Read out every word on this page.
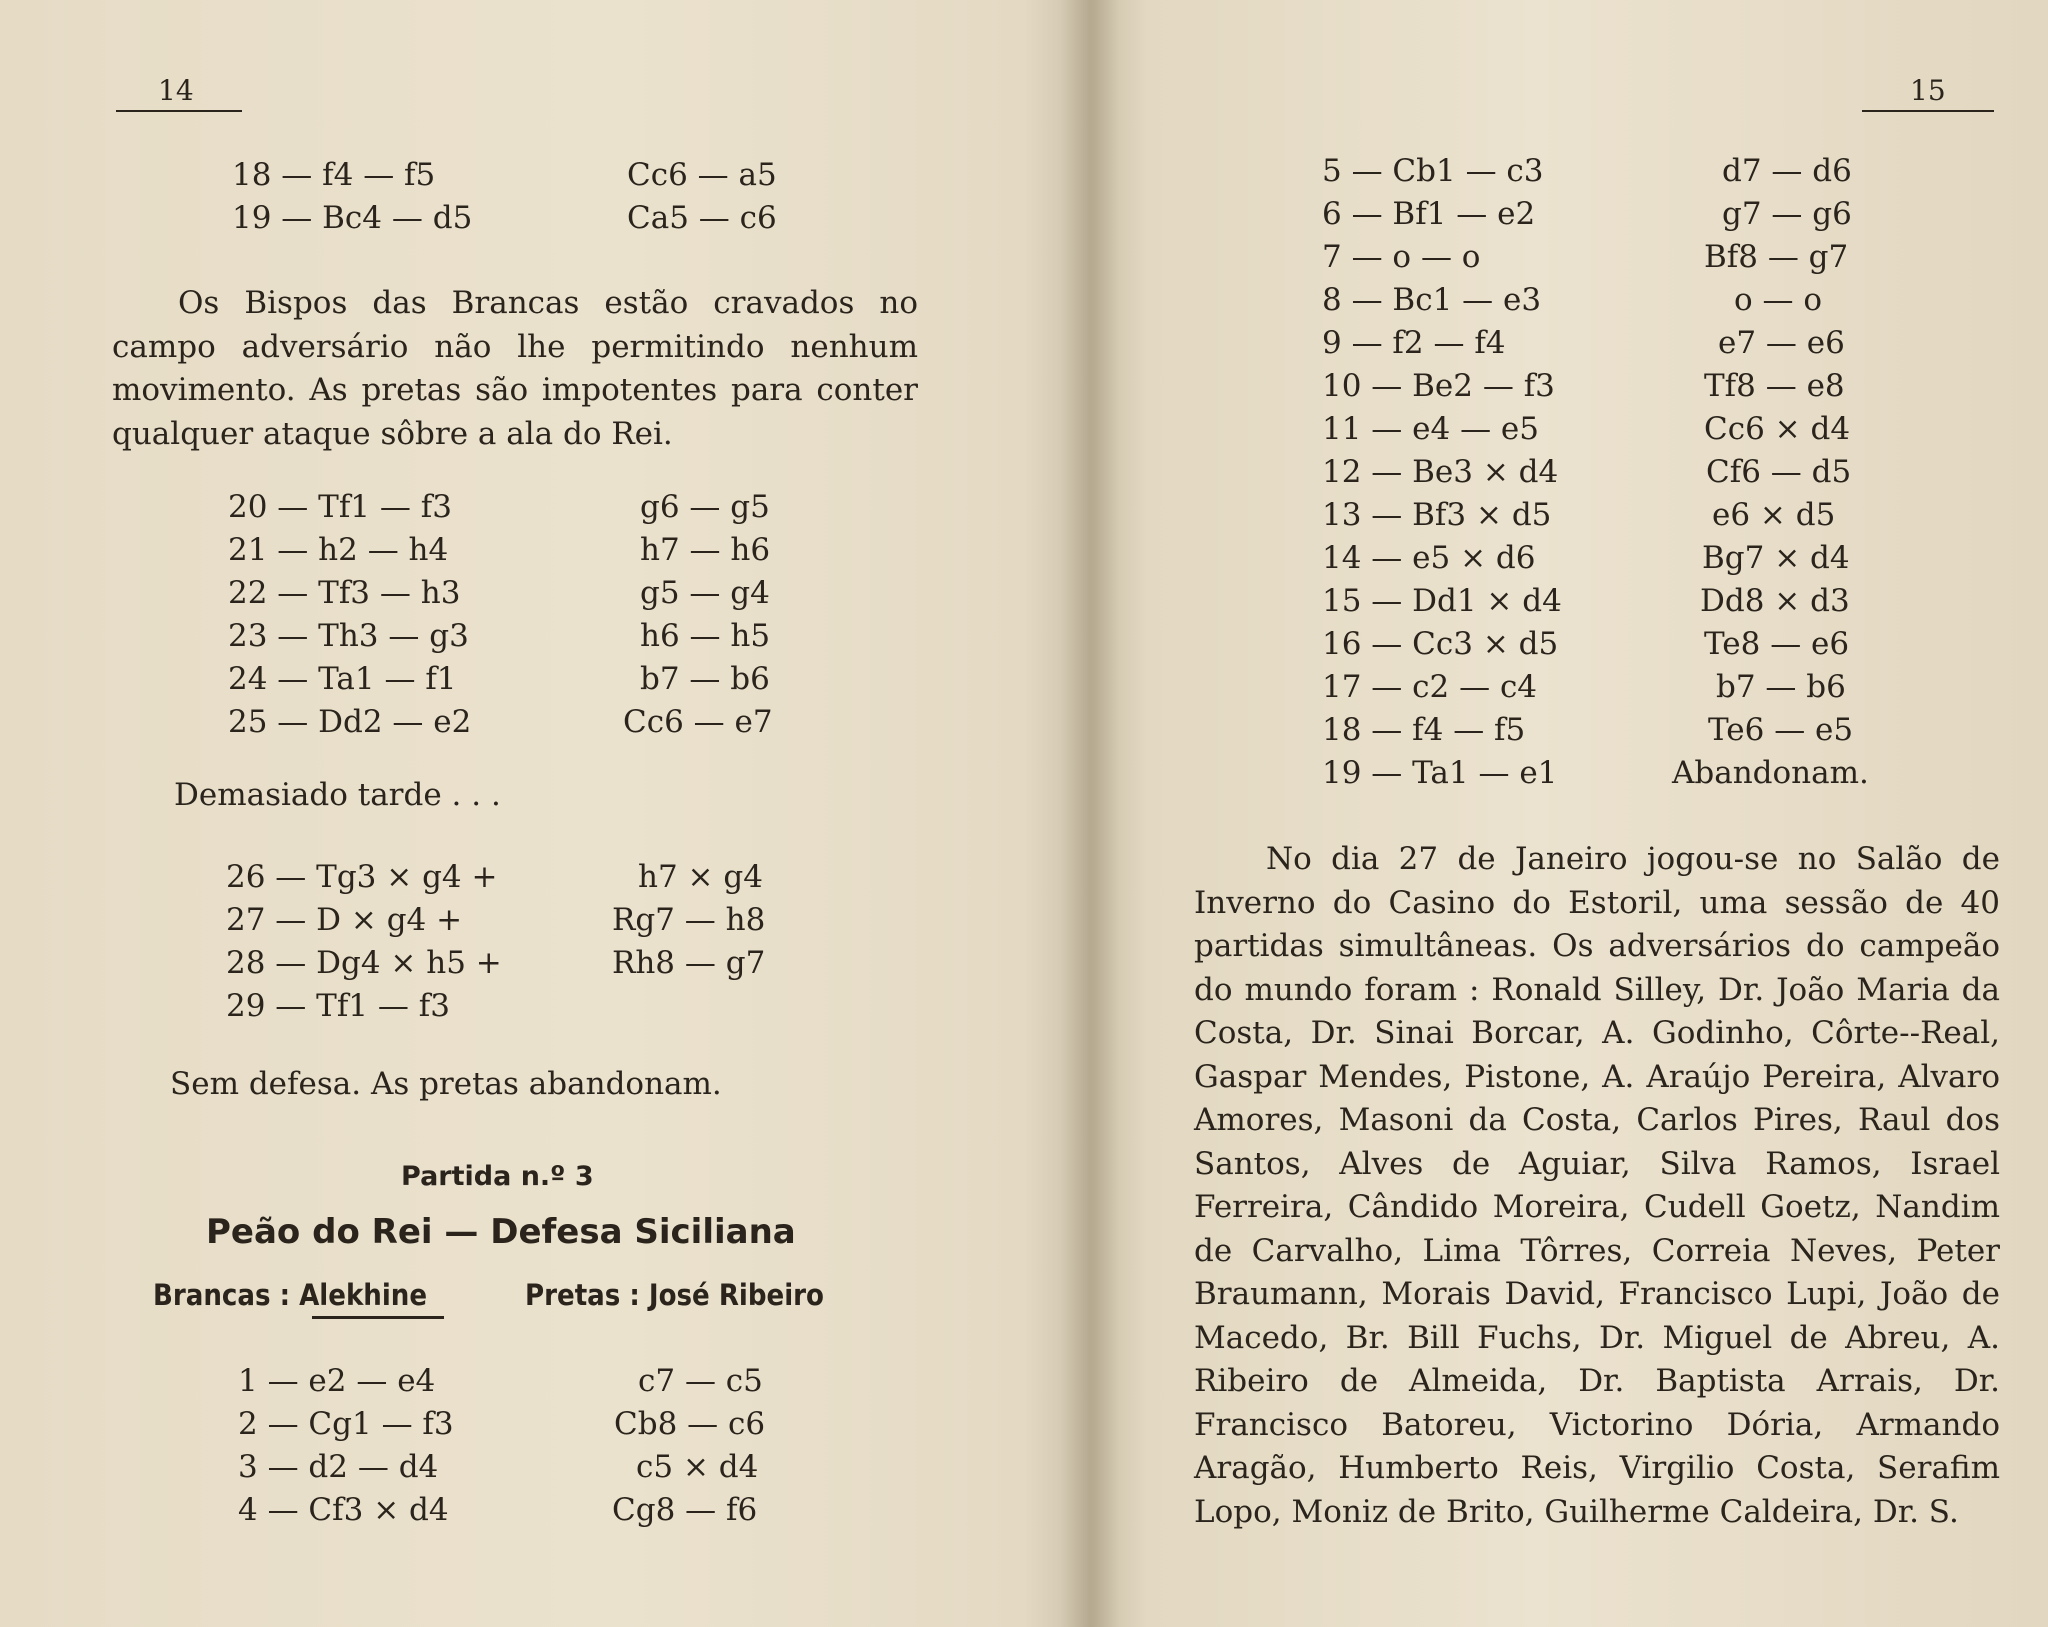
14
18 — f4 — f5	Cc6 — a5
19 — Bc4 — d5	Ca5 — c6

Os Bispos das Brancas estão cravados no campo adversário não lhe permitindo nenhum movimento. As pretas são impotentes para conter qualquer ataque sôbre a ala do Rei.

20 — Tf1 — f3	g6 — g5
21 — h2 — h4	h7 — h6
22 — Tf3 — h3	g5 — g4
23 — Th3 — g3	h6 — h5
24 — Ta1 — f1	b7 — b6
25 — Dd2 — e2	Cc6 — e7
Demasiado tarde . . .
26 — Tg3 × g4 +	h7 × g4
27 — D × g4 +	Rg7 — h8
28 — Dg4 × h5 +	Rh8 — g7
29 — Tf1 — f3
Sem defesa. As pretas abandonam.
Partida n.º 3
Peão do Rei — Defesa Siciliana
Brancas : Alekhine	Pretas : José Ribeiro
1 — e2 — e4	c7 — c5
2 — Cg1 — f3	Cb8 — c6
3 — d2 — d4	c5 × d4
4 — Cf3 × d4	Cg8 — f6
15
5 — Cb1 — c3	d7 — d6
6 — Bf1 — e2	g7 — g6
7 — o — o	Bf8 — g7
8 — Bc1 — e3	o — o
9 — f2 — f4	e7 — e6
10 — Be2 — f3	Tf8 — e8
11 — e4 — e5	Cc6 × d4
12 — Be3 × d4	Cf6 — d5
13 — Bf3 × d5	e6 × d5
14 — e5 × d6	Bg7 × d4
15 — Dd1 × d4	Dd8 × d3
16 — Cc3 × d5	Te8 — e6
17 — c2 — c4	b7 — b6
18 — f4 — f5	Te6 — e5
19 — Ta1 — e1	Abandonam.

No dia 27 de Janeiro jogou-se no Salão de Inverno do Casino do Estoril, uma sessão de 40 partidas simultâneas. Os adversários do campeão do mundo foram : Ronald Silley, Dr. João Maria da Costa, Dr. Sinai Borcar, A. Godinho, Côrte--Real, Gaspar Mendes, Pistone, A. Araújo Pereira, Alvaro Amores, Masoni da Costa, Carlos Pires, Raul dos Santos, Alves de Aguiar, Silva Ramos, Israel Ferreira, Cândido Moreira, Cudell Goetz, Nandim de Carvalho, Lima Tôrres, Correia Neves, Peter Braumann, Morais David, Francisco Lupi, João de Macedo, Br. Bill Fuchs, Dr. Miguel de Abreu, A. Ribeiro de Almeida, Dr. Baptista Arrais, Dr. Francisco Batoreu, Victorino Dória, Armando Aragão, Humberto Reis, Virgilio Costa, Serafim Lopo, Moniz de Brito, Guilherme Caldeira, Dr. S.
